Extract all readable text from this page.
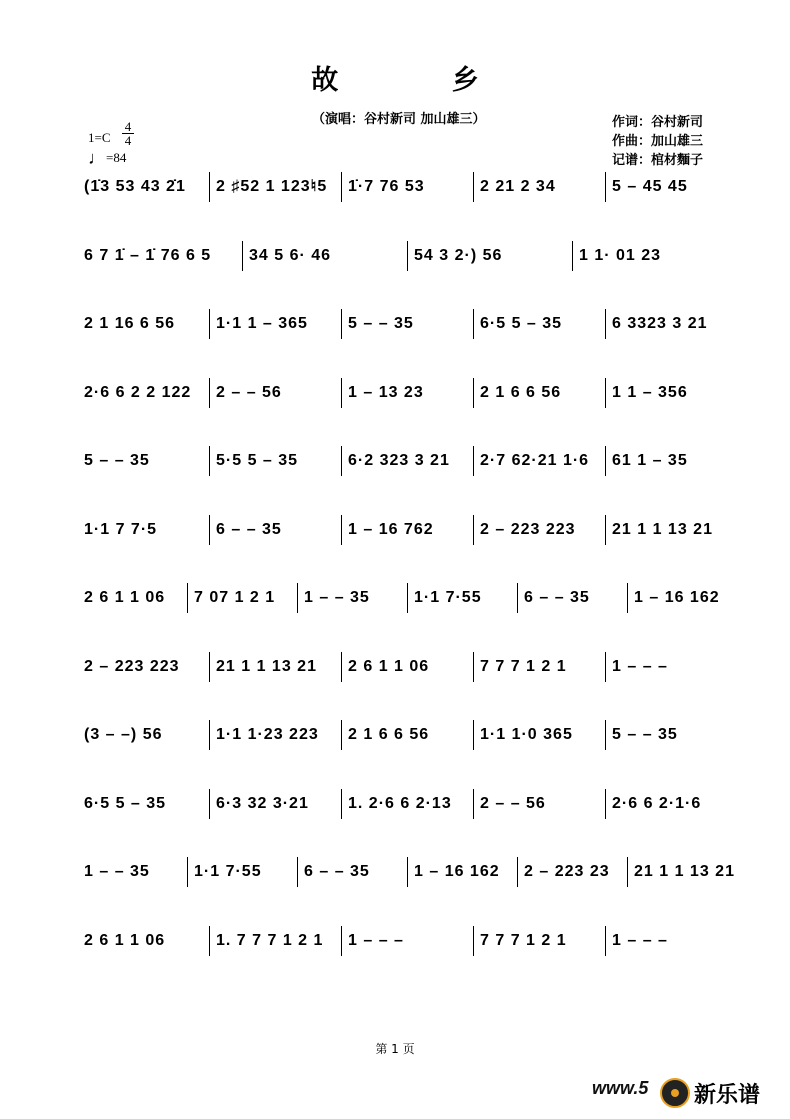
故 乡
（演唱：谷村新司 加山雄三）	作词：谷村新司
作曲：加山雄三
记谱：棺材麵子
1=C
4
4
♩=84
(1̇3 53 43 2̇1 2 ♯52 1 123♮5 1̇·7 76 53	2 21 2 34	5 – 45 45
6 7 1̇ – 1̇ 76 6 5 34 5 6· 46	54 3 2·) 56	1 1· 01 23
2 1 16 6 56	1·1 1 – 365	5 – – 35	6·5 5 – 35	6 3323 3 21
2·6 6 2 2 122 2 – – 56	1 – 13 23	2 1 6 6 56	1 1 – 356
5 – – 35	5·5 5 – 35	6·2 323 3 21 2·7 62·21 1·6 61 1 – 35
1·1 7 7·5	6 – – 35	1 – 16 762	2 – 223 223 21 1 1 13 21
2 6 1 1 06 7 07 1 2 1 1 – – 35	1·1 7·55	6 – – 35	1 – 16 162
2 – 223 223 21 1 1 13 21 2 6 1 1 06	7 7 7 1 2 1	1 – – –
(3 – –) 56	1·1 1·23 223 2 1 6 6 56	1·1 1·0 365 5 – – 35
6·5 5 – 35	6·3 32 3·21 1. 2·6 6 2·13 2 – – 56	2·6 6 2·1·6
1 – – 35	1·1 7·55	6 – – 35	1 – 16 162 2 – 223 23 21 1 1 13 21
2 6 1 1 06	1. 7 7 7 1 2 1 1 – – –	7 7 7 1 2 1	1 – – –
第 1 页
www.5 新乐谱
